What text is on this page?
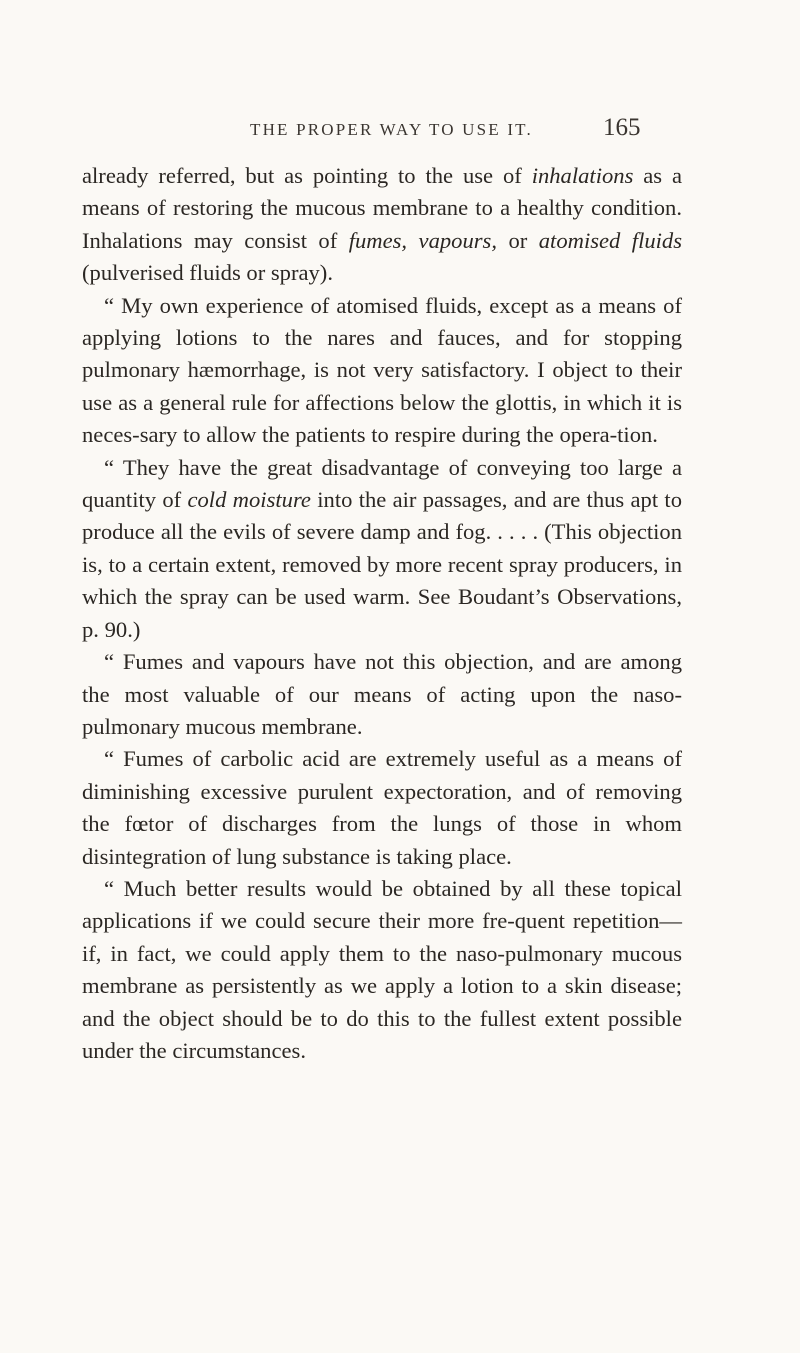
THE PROPER WAY TO USE IT.	165

already referred, but as pointing to the use of inhalations as a means of restoring the mucous membrane to a healthy condition. Inhalations may consist of fumes, vapours, or atomised fluids (pulverised fluids or spray).

“ My own experience of atomised fluids, except as a means of applying lotions to the nares and fauces, and for stopping pulmonary hæmorrhage, is not very satisfactory. I object to their use as a general rule for affections below the glottis, in which it is neces-sary to allow the patients to respire during the opera-tion.

“ They have the great disadvantage of conveying too large a quantity of cold moisture into the air passages, and are thus apt to produce all the evils of severe damp and fog. . . . . (This objection is, to a certain extent, removed by more recent spray producers, in which the spray can be used warm. See Boudant’s Observations, p. 90.)

“ Fumes and vapours have not this objection, and are among the most valuable of our means of acting upon the naso-pulmonary mucous membrane.

“ Fumes of carbolic acid are extremely useful as a means of diminishing excessive purulent expectoration, and of removing the fœtor of discharges from the lungs of those in whom disintegration of lung substance is taking place.

“ Much better results would be obtained by all these topical applications if we could secure their more fre-quent repetition—if, in fact, we could apply them to the naso-pulmonary mucous membrane as persistently as we apply a lotion to a skin disease; and the object should be to do this to the fullest extent possible under the circumstances.
